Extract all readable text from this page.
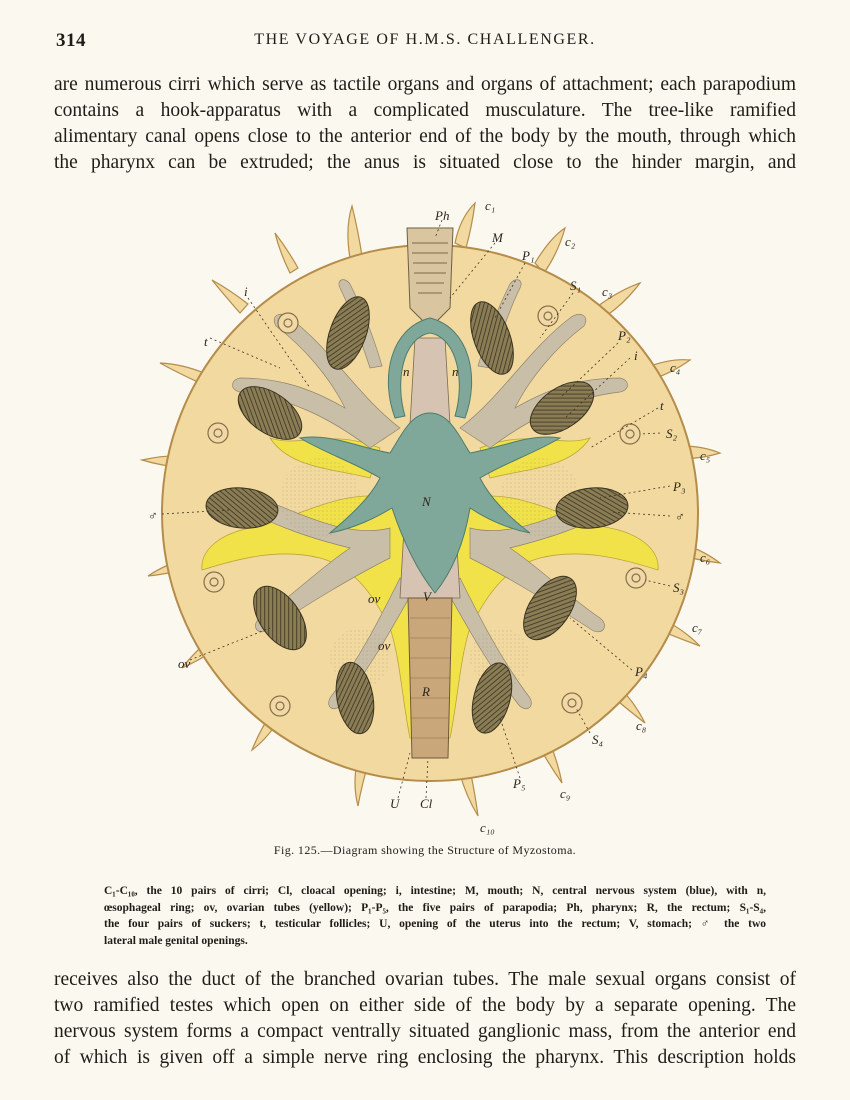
314	THE VOYAGE OF H.M.S. CHALLENGER.
are numerous cirri which serve as tactile organs and organs of attachment; each parapodium
contains a hook-apparatus with a complicated musculature. The tree-like ramified
alimentary canal opens close to the anterior end of the body by the mouth, through which
the pharynx can be extruded; the anus is situated close to the hinder margin, and
Ph
c₁
M
P₁
c₂
S₁ c₃
P₂
i
c₄
t
S₂
c₅
P₃
♂
c₆
S₃
c₇
P₄
c₈
S₄
c₉
P₅
c₁₀
U Cl
i
t
♂
ov
ov
ov
N
V
R
n	n
Fig. 125.—Diagram showing the Structure of Myzostoma.
C₁-C₁₀, the 10 pairs of cirri; Cl, cloacal opening; i, intestine; M, mouth; N, central nervous system (blue), with n,
œsophageal ring; ov, ovarian tubes (yellow); P₁-P₅, the five pairs of parapodia; Ph, pharynx; R, the rectum; S₁-S₄,
the four pairs of suckers; t, testicular follicles; U, opening of the uterus into the rectum; V, stomach; ♂ the two
lateral male genital openings.
receives also the duct of the branched ovarian tubes. The male sexual organs consist of
two ramified testes which open on either side of the body by a separate opening. The
nervous system forms a compact ventrally situated ganglionic mass, from the anterior end
of which is given off a simple nerve ring enclosing the pharynx. This description holds
